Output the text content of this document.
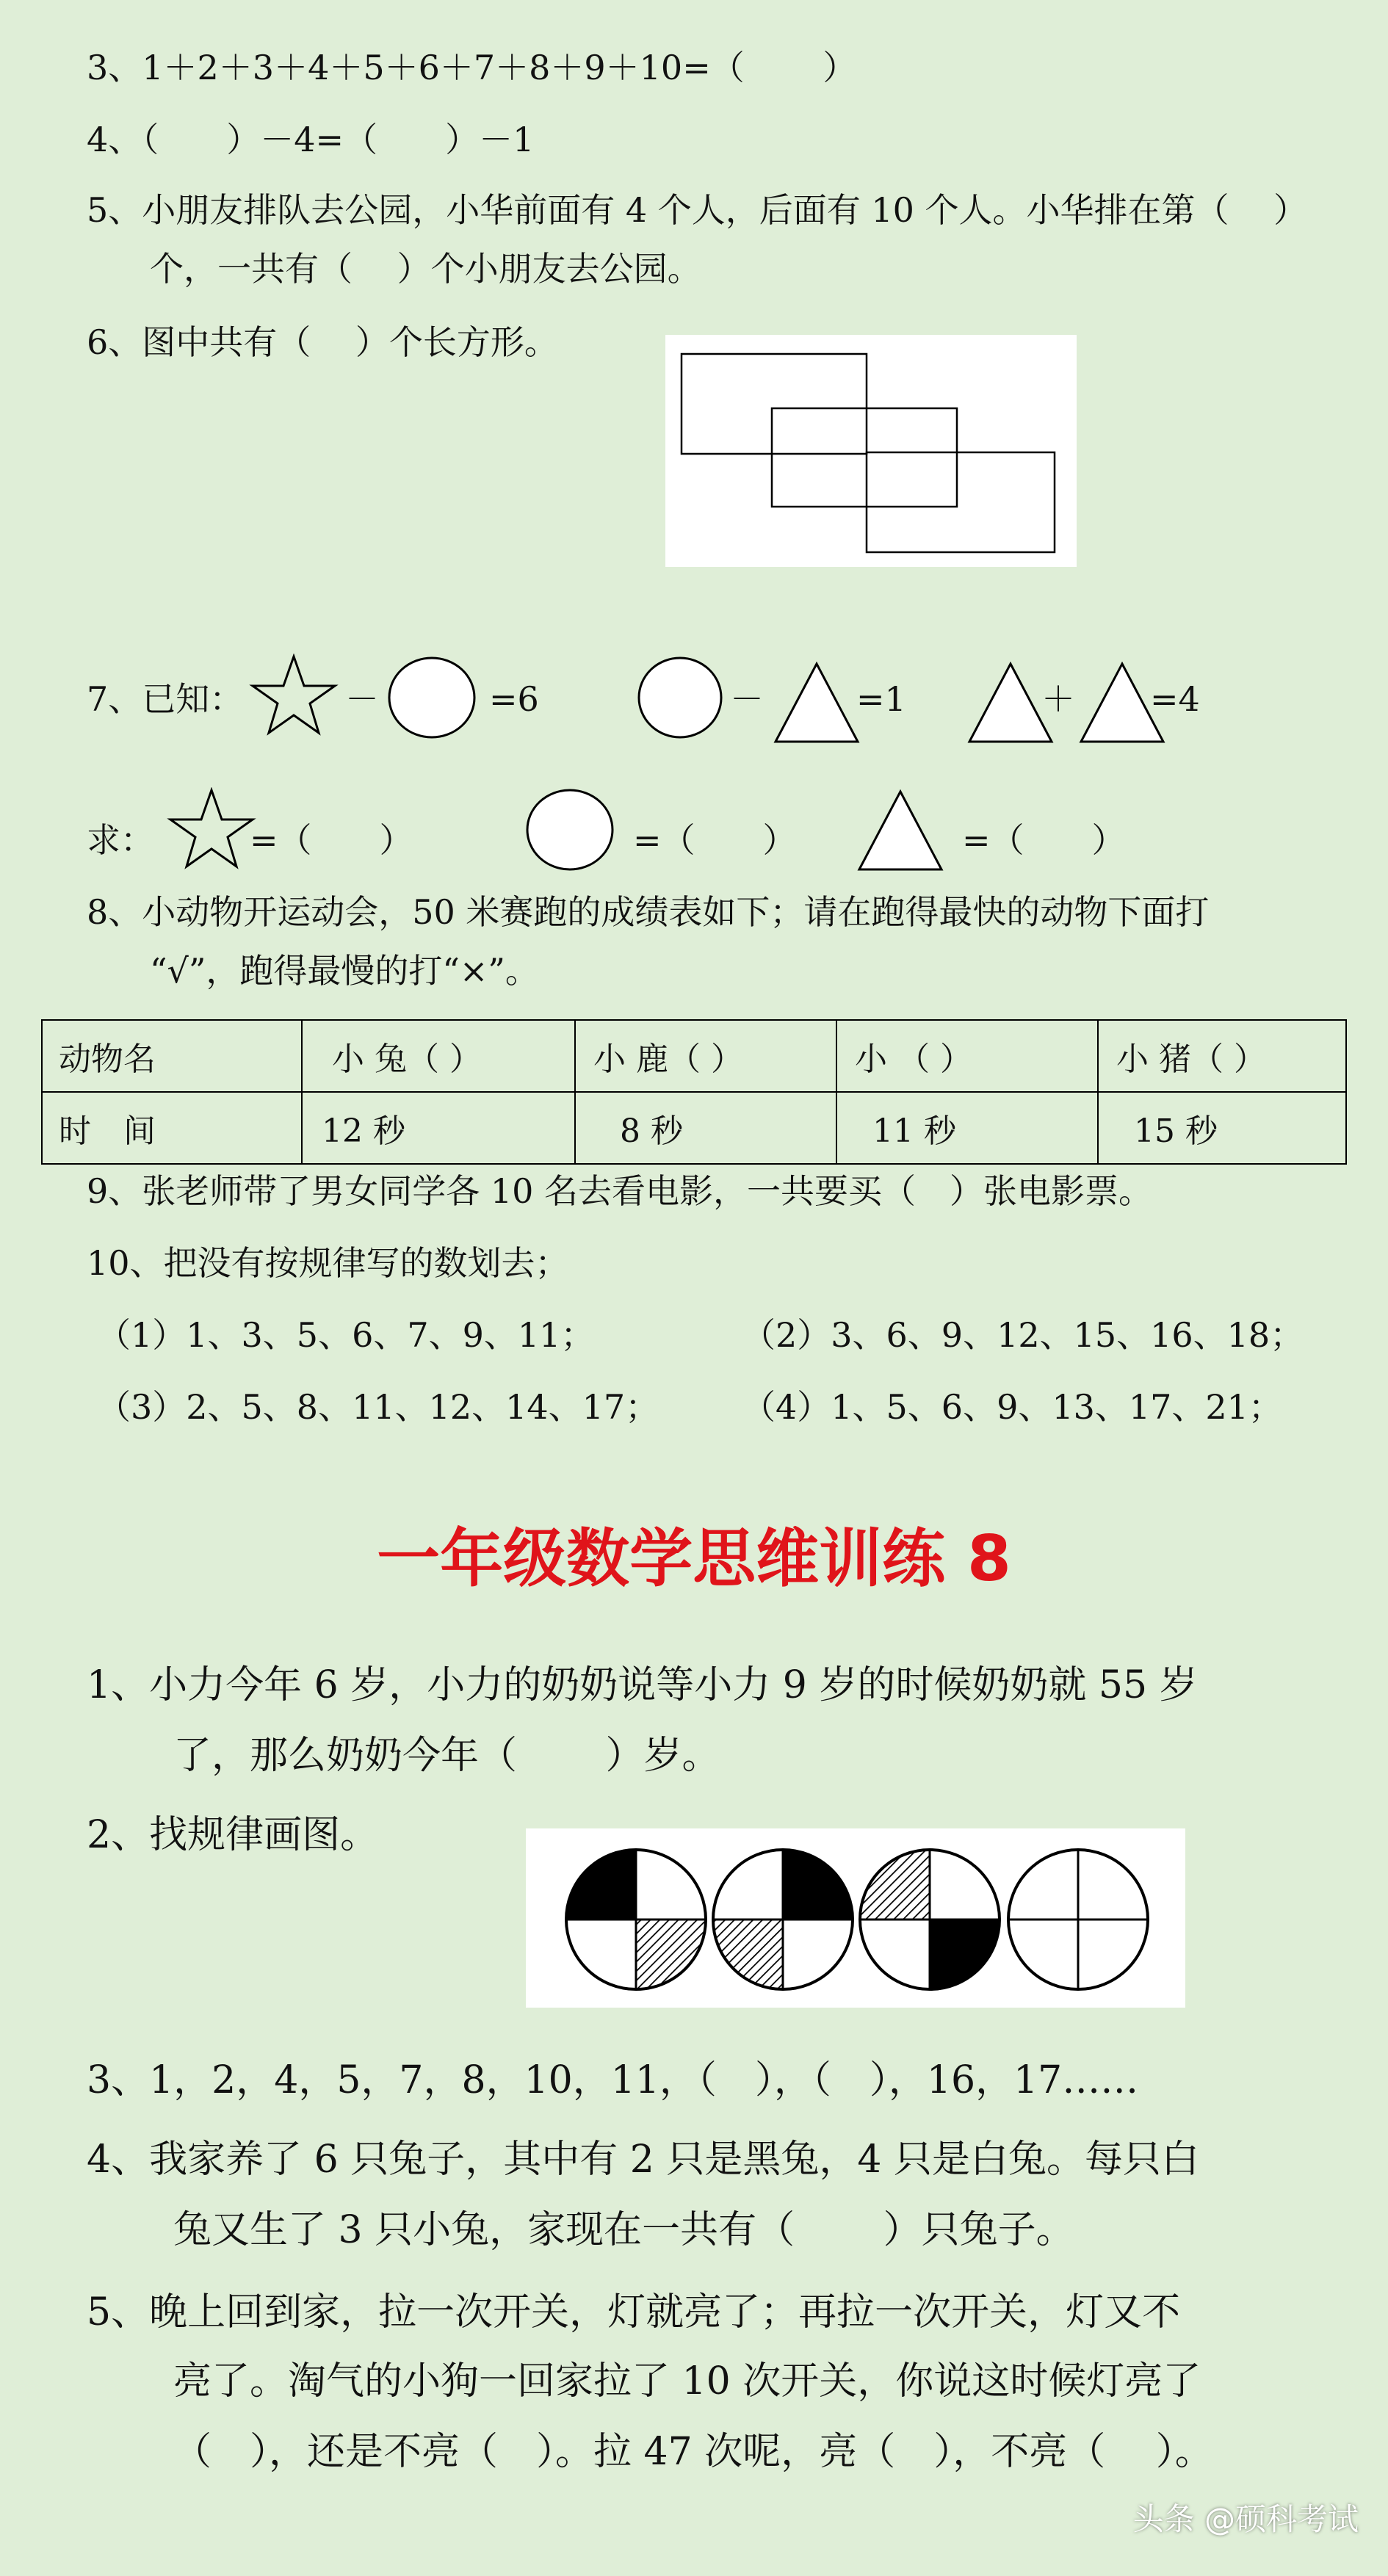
3、1＋2＋3＋4＋5＋6＋7＋8＋9＋10=（　　 ）
4、（　　）－4=（　　）－1
5、小朋友排队去公园，小华前面有 4 个人，后面有 10 个人。小华排在第（　 ）
个，一共有（　 ）个小朋友去公园。
6、图中共有（　 ）个长方形。
7、已知：	－	=6	－	=1	＋ =4
求：	=（　　）	=（　　）	=（　　）
8、小动物开运动会，50 米赛跑的成绩表如下；请在跑得最快的动物下面打
“√”，跑得最慢的打“×”。
动物名	小 兔（ ）	小 鹿（ ）	小 （ ）	小 猪（ ）
时　间	12 秒	8 秒	11 秒	15 秒
9、张老师带了男女同学各 10 名去看电影，一共要买（　）张电影票。
10、把没有按规律写的数划去；
（1）1、3、5、6、7、9、11；	（2）3、6、9、12、15、16、18；
（3）2、5、8、11、12、14、17； （4）1、5、6、9、13、17、21；
一年级数学思维训练 8
1、小力今年 6 岁，小力的奶奶说等小力 9 岁的时候奶奶就 55 岁
了，那么奶奶今年（　　 ）岁。
2、找规律画图。
3、1，2，4，5，7，8，10，11，（　），（　），16，17……
4、我家养了 6 只兔子，其中有 2 只是黑兔，4 只是白兔。每只白
兔又生了 3 只小兔，家现在一共有（　　 ）只兔子。
5、晚上回到家，拉一次开关，灯就亮了；再拉一次开关，灯又不
亮了。淘气的小狗一回家拉了 10 次开关，你说这时候灯亮了
（　），还是不亮（　）。拉 47 次呢，亮（　），不亮（　 ）。
头条 @硕科考试
